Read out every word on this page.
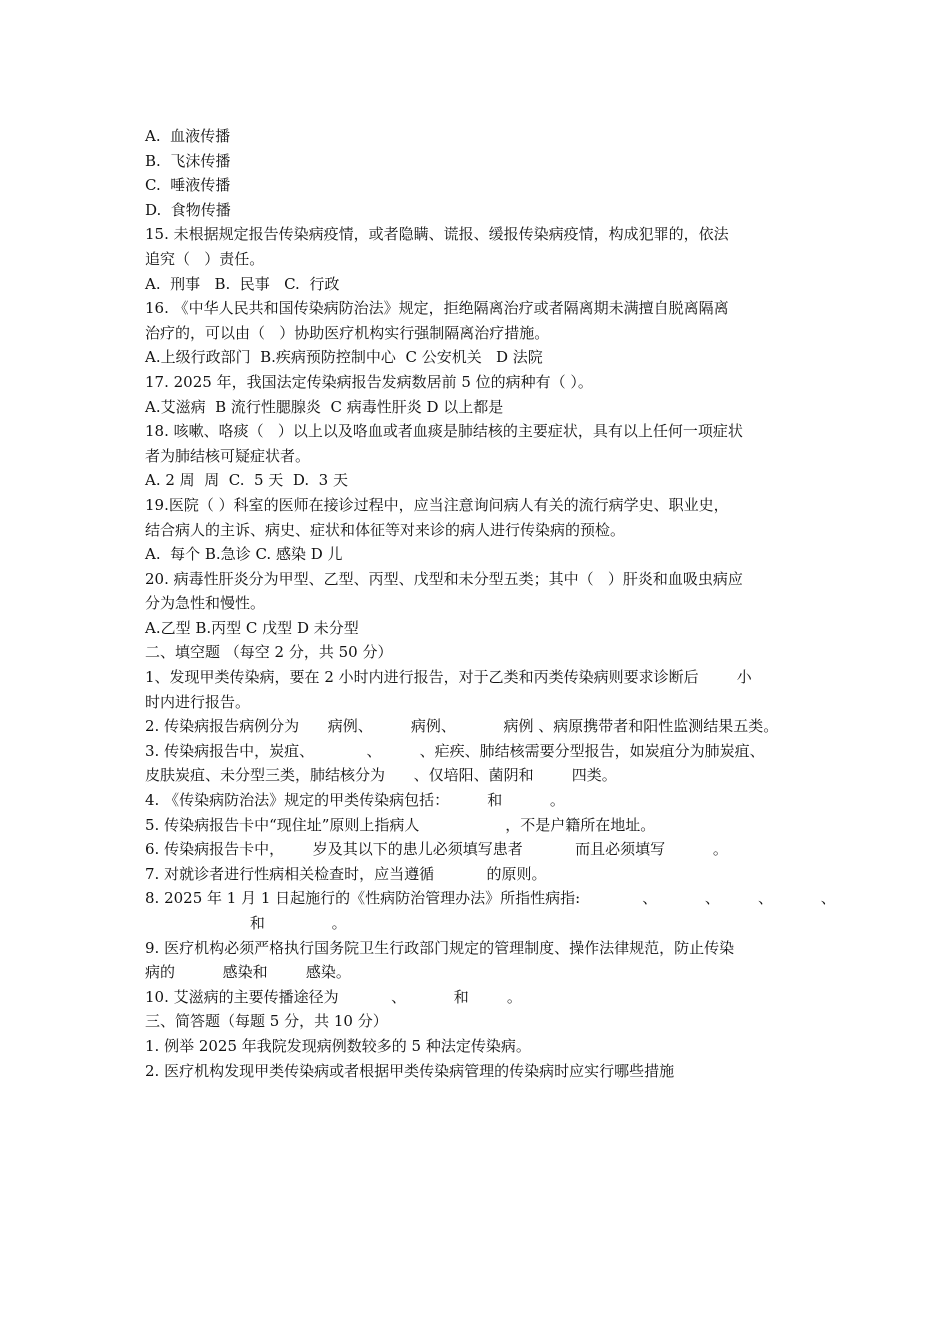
A.  血液传播
B.  飞沫传播
C.  唾液传播
D.  食物传播
15. 未根据规定报告传染病疫情，或者隐瞒、谎报、缓报传染病疫情，构成犯罪的，依法
追究（   ）责任。
A.  刑事   B.  民事   C.  行政
16. 《中华人民共和国传染病防治法》规定，拒绝隔离治疗或者隔离期未满擅自脱离隔离
治疗的，可以由（   ）协助医疗机构实行强制隔离治疗措施。
A.上级行政部门  B.疾病预防控制中心  C 公安机关   D 法院
17. 2025 年，我国法定传染病报告发病数居前 5 位的病种有（ ）。
A.艾滋病  B 流行性腮腺炎  C 病毒性肝炎 D 以上都是
18. 咳嗽、咯痰（   ）以上以及咯血或者血痰是肺结核的主要症状，具有以上任何一项症状
者为肺结核可疑症状者。
A. 2 周  周  C.  5 天  D.  3 天
19.医院（ ）科室的医师在接诊过程中，应当注意询问病人有关的流行病学史、职业史，
结合病人的主诉、病史、症状和体征等对来诊的病人进行传染病的预检。
A.  每个 B.急诊 C. 感染 D 儿
20. 病毒性肝炎分为甲型、乙型、丙型、戊型和未分型五类；其中（   ）肝炎和血吸虫病应
分为急性和慢性。
A.乙型 B.丙型 C 戊型 D 未分型
二、填空题 （每空 2 分，共 50 分）
1、发现甲类传染病，要在 2 小时内进行报告，对于乙类和丙类传染病则要求诊断后        小
时内进行报告。
2. 传染病报告病例分为      病例、        病例、          病例 、病原携带者和阳性监测结果五类。
3. 传染病报告中，炭疽、           、        、疟疾、肺结核需要分型报告，如炭疽分为肺炭疽、
皮肤炭疽、未分型三类，肺结核分为      、仅培阳、菌阴和        四类。
4. 《传染病防治法》规定的甲类传染病包括：        和          。
5. 传染病报告卡中“现住址”原则上指病人                  ，不是户籍所在地址。
6. 传染病报告卡中，      岁及其以下的患儿必须填写患者           而且必须填写          。
7. 对就诊者进行性病相关检查时，应当遵循           的原则。
8. 2025 年 1 月 1 日起施行的《性病防治管理办法》所指性病指:             、          、        、          、
和              。
9. 医疗机构必须严格执行国务院卫生行政部门规定的管理制度、操作法律规范，防止传染
病的          感染和        感染。
10. 艾滋病的主要传播途径为           、          和        。
三、简答题（每题 5 分，共 10 分）
1. 例举 2025 年我院发现病例数较多的 5 种法定传染病。
2. 医疗机构发现甲类传染病或者根据甲类传染病管理的传染病时应实行哪些措施
